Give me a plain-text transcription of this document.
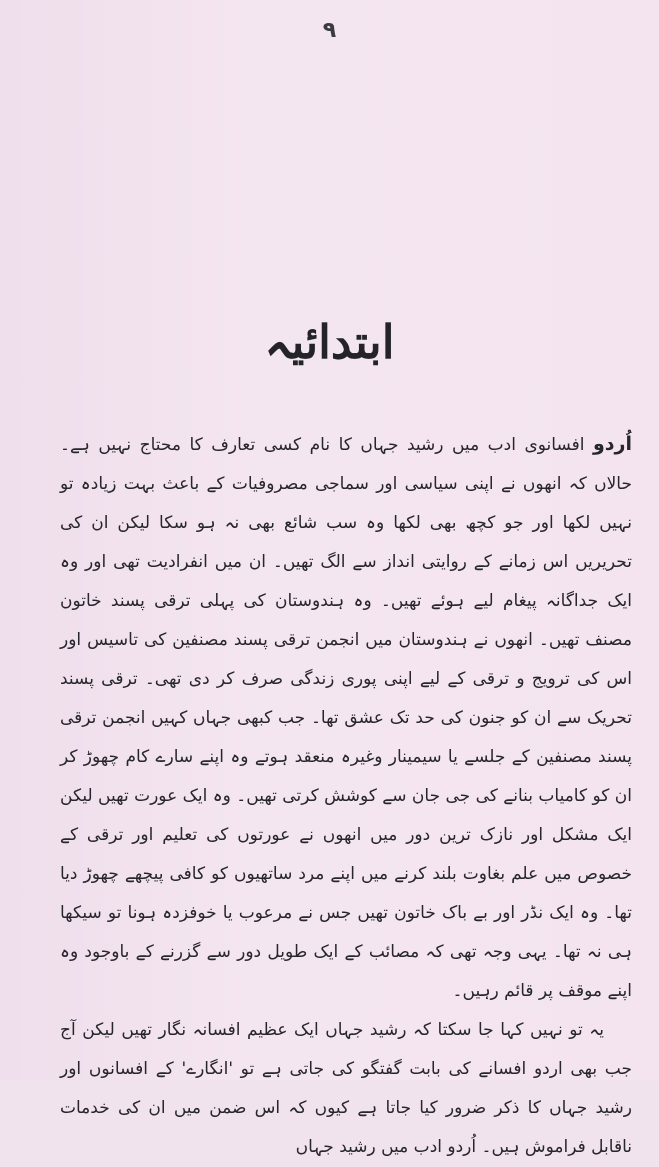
۹
ابتدائیہ

اُردو افسانوی ادب میں رشید جہاں کا نام کسی تعارف کا محتاج نہیں ہے۔ حالاں کہ انھوں نے اپنی سیاسی اور سماجی مصروفیات کے باعث بہت زیادہ تو نہیں لکھا اور جو کچھ بھی لکھا وہ سب شائع بھی نہ ہو سکا لیکن ان کی تحریریں اس زمانے کے روایتی انداز سے الگ تھیں۔ ان میں انفرادیت تھی اور وہ ایک جداگانہ پیغام لیے ہوئے تھیں۔ وہ ہندوستان کی پہلی ترقی پسند خاتون مصنف تھیں۔ انھوں نے ہندوستان میں انجمن ترقی پسند مصنفین کی تاسیس اور اس کی ترویج و ترقی کے لیے اپنی پوری زندگی صرف کر دی تھی۔ ترقی پسند تحریک سے ان کو جنون کی حد تک عشق تھا۔ جب کبھی جہاں کہیں انجمن ترقی پسند مصنفین کے جلسے یا سیمینار وغیرہ منعقد ہوتے وہ اپنے سارے کام چھوڑ کر ان کو کامیاب بنانے کی جی جان سے کوشش کرتی تھیں۔ وہ ایک عورت تھیں لیکن ایک مشکل اور نازک ترین دور میں انھوں نے عورتوں کی تعلیم اور ترقی کے خصوص میں علم بغاوت بلند کرنے میں اپنے مرد ساتھیوں کو کافی پیچھے چھوڑ دیا تھا۔ وہ ایک نڈر اور بے باک خاتون تھیں جس نے مرعوب یا خوفزدہ ہونا تو سیکھا ہی نہ تھا۔ یہی وجہ تھی کہ مصائب کے ایک طویل دور سے گزرنے کے باوجود وہ اپنے موقف پر قائم رہیں۔

یہ تو نہیں کہا جا سکتا کہ رشید جہاں ایک عظیم افسانہ نگار تھیں لیکن آج جب بھی اردو افسانے کی بابت گفتگو کی جاتی ہے تو 'انگارے' کے افسانوں اور رشید جہاں کا ذکر ضرور کیا جاتا ہے کیوں کہ اس ضمن میں ان کی خدمات ناقابل فراموش ہیں۔ اُردو ادب میں رشید جہاں
